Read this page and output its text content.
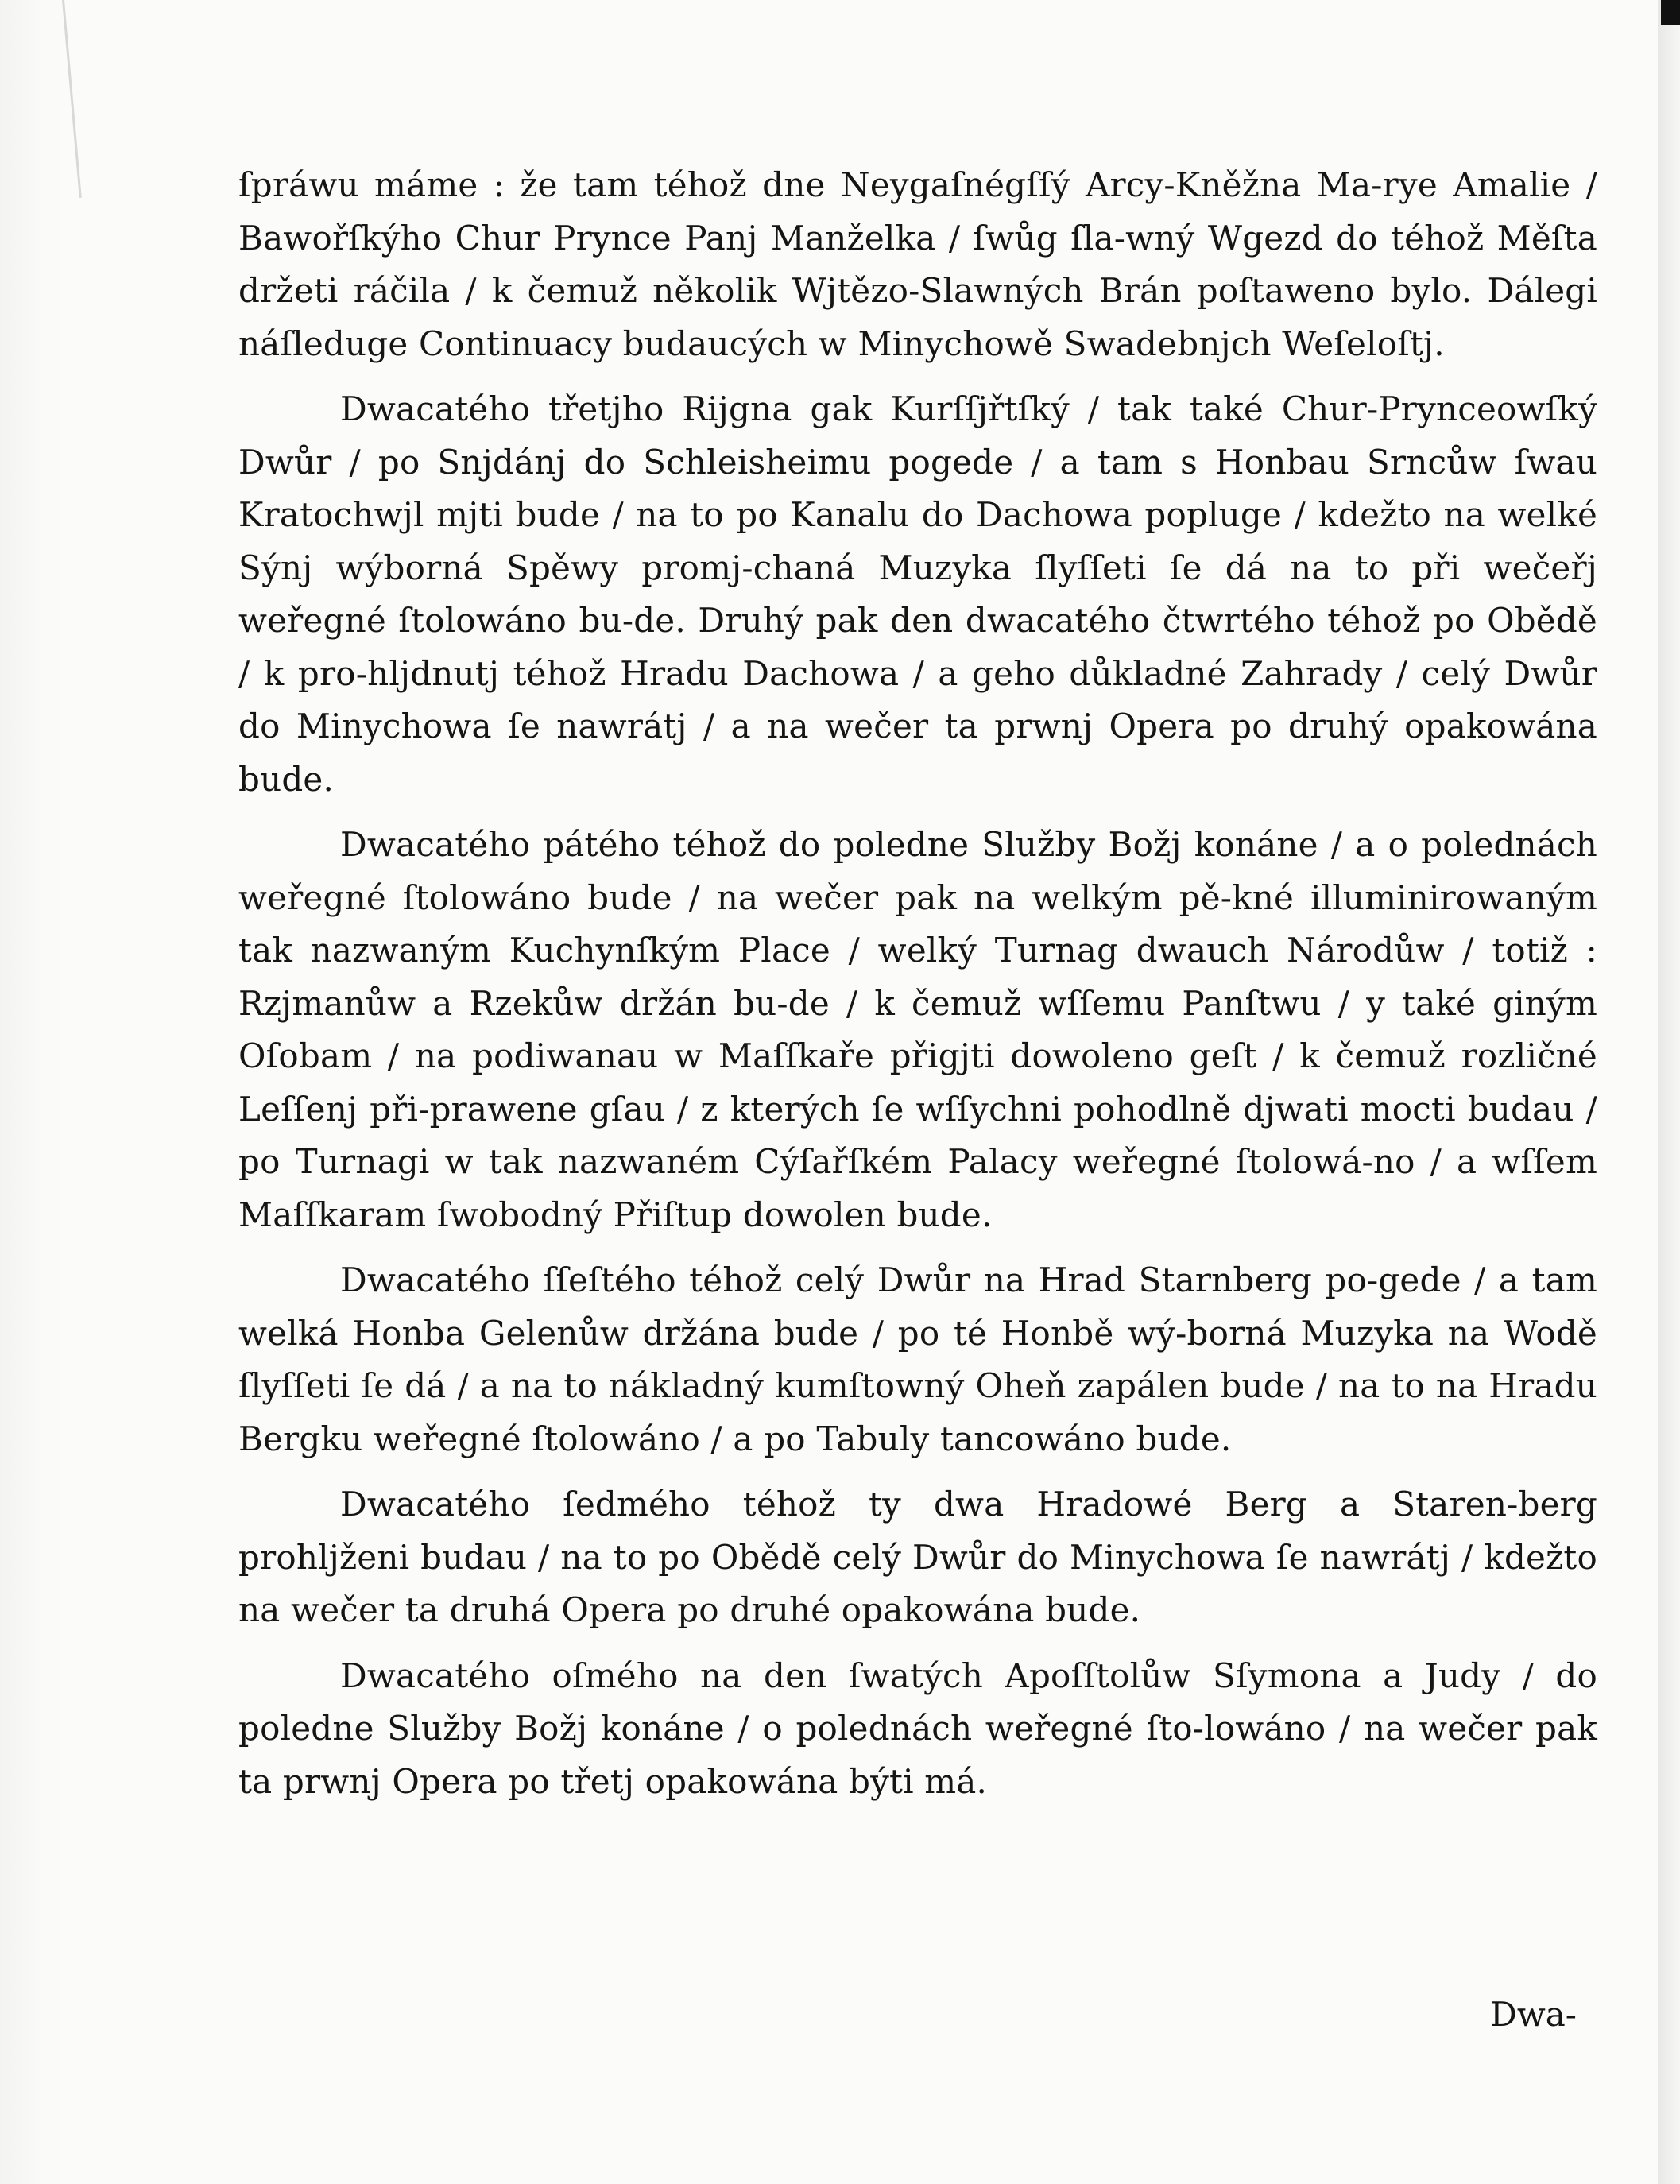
ſpráwu máme : že tam téhož dne Neygaſnégſſý Arcy-Kněžna Ma-rye Amalie / Bawořſkýho Chur Prynce Panj Manželka / ſwůg ſla-wný Wgezd do téhož Měſta držeti ráčila / k čemuž několik Wjtězo-Slawných Brán poſtaweno bylo. Dálegi náſleduge Continuacy budaucých w Minychowě Swadebnjch Weſeloſtj.

Dwacatého třetjho Rijgna gak Kurſſjřtſký / tak také Chur-Prynceowſký Dwůr / po Snjdánj do Schleisheimu pogede / a tam s Honbau Srncůw ſwau Kratochwjl mjti bude / na to po Kanalu do Dachowa popluge / kdežto na welké Sýnj wýborná Spěwy promj-chaná Muzyka ſlyſſeti ſe dá na to při wečeřj weřegné ſtolowáno bu-de. Druhý pak den dwacatého čtwrtého téhož po Obědě / k pro-hljdnutj téhož Hradu Dachowa / a geho důkladné Zahrady / celý Dwůr do Minychowa ſe nawrátj / a na wečer ta prwnj Opera po druhý opakowána bude.

Dwacatého pátého téhož do poledne Služby Božj konáne / a o polednách weřegné ſtolowáno bude / na wečer pak na welkým pě-kné illuminirowaným tak nazwaným Kuchynſkým Place / welký Turnag dwauch Národůw / totiž : Rzjmanůw a Rzekůw držán bu-de / k čemuž wſſemu Panſtwu / y také giným Oſobam / na podiwanau w Maſſkaře přigjti dowoleno geſt / k čemuž rozličné Leſſenj při-prawene gſau / z kterých ſe wſſychni pohodlně djwati mocti budau / po Turnagi w tak nazwaném Cýſařſkém Palacy weřegné ſtolowá-no / a wſſem Maſſkaram ſwobodný Přiſtup dowolen bude.

Dwacatého ſſeſtého téhož celý Dwůr na Hrad Starnberg po-gede / a tam welká Honba Gelenůw držána bude / po té Honbě wý-borná Muzyka na Wodě ſlyſſeti ſe dá / a na to nákladný kumſtowný Oheň zapálen bude / na to na Hradu Bergku weřegné ſtolowáno / a po Tabuly tancowáno bude.

Dwacatého ſedmého téhož ty dwa Hradowé Berg a Staren-berg prohljženi budau / na to po Obědě celý Dwůr do Minychowa ſe nawrátj / kdežto na wečer ta druhá Opera po druhé opakowána bude.

Dwacatého oſmého na den ſwatých Apoſſtolůw Sſymona a Judy / do poledne Služby Božj konáne / o polednách weřegné ſto-lowáno / na wečer pak ta prwnj Opera po třetj opakowána býti má.

Dwa-
